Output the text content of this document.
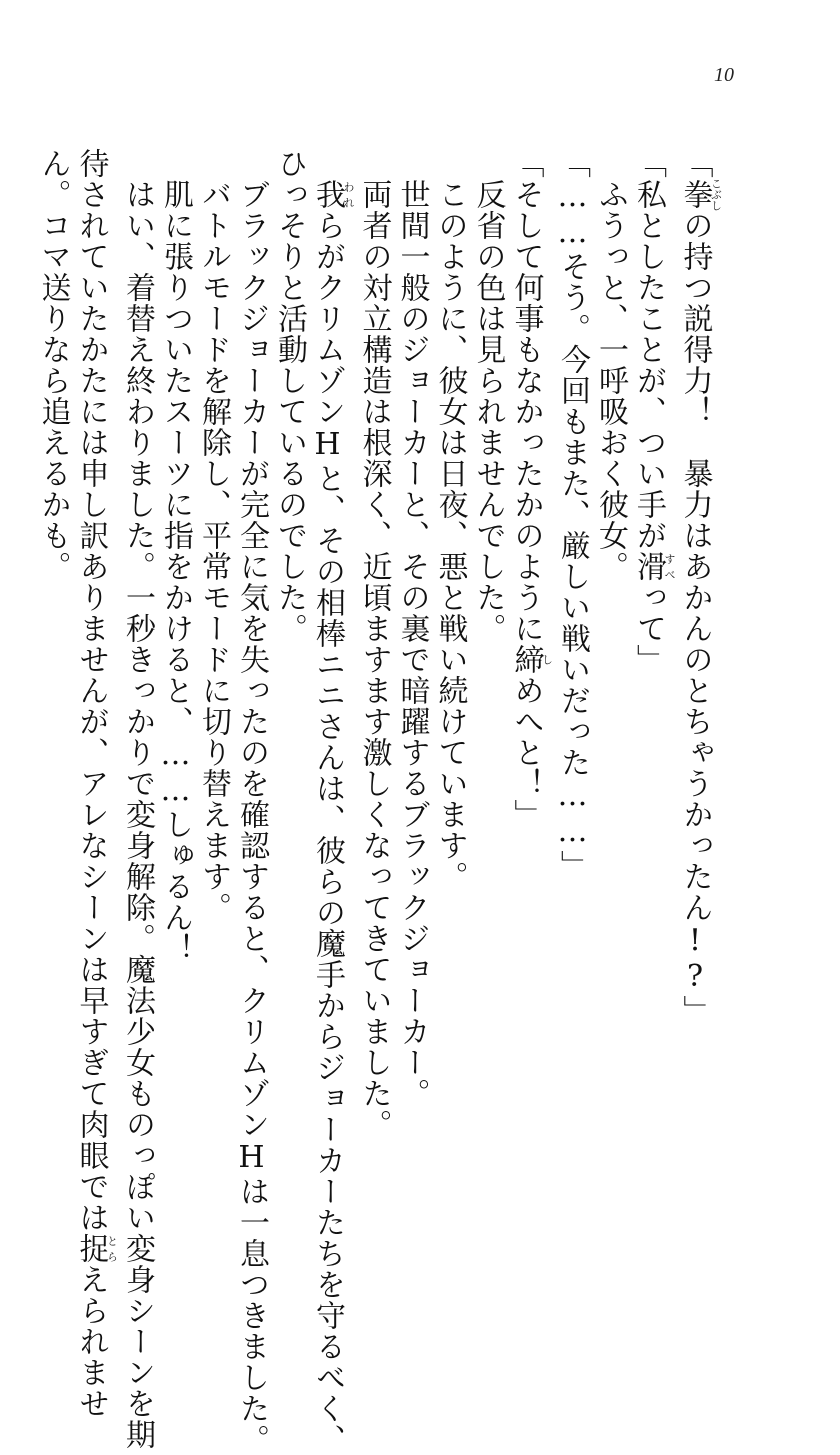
10
「拳こぶしの持つ説得力！　暴力はあかんのとちゃうかったん!?」
「私としたことが、つい手が滑すべって」
　ふうっと、一呼吸おく彼女。
「……そう。今回もまた、厳しい戦いだった……」
「そして何事もなかったかのように締しめへと！」
　反省の色は見られませんでした。
　このように、彼女は日夜、悪と戦い続けています。
　世間一般のジョーカーと、その裏で暗躍するブラックジョーカー。
　両者の対立構造は根深く、近頃ますます激しくなってきていました。
　我われらがクリムゾンHと、その相棒ニニさんは、彼らの魔手からジョーカーたちを守るべく、
ひっそりと活動しているのでした。
　ブラックジョーカーが完全に気を失ったのを確認すると、クリムゾンHは一息つきました。
　バトルモードを解除し、平常モードに切り替えます。
　肌に張りついたスーツに指をかけると、……しゅるん！
　はい、着替え終わりました。一秒きっかりで変身解除。魔法少女ものっぽい変身シーンを期
待されていたかたには申し訳ありませんが、アレなシーンは早すぎて肉眼では捉とらえられませ
ん。コマ送りなら追えるかも。
